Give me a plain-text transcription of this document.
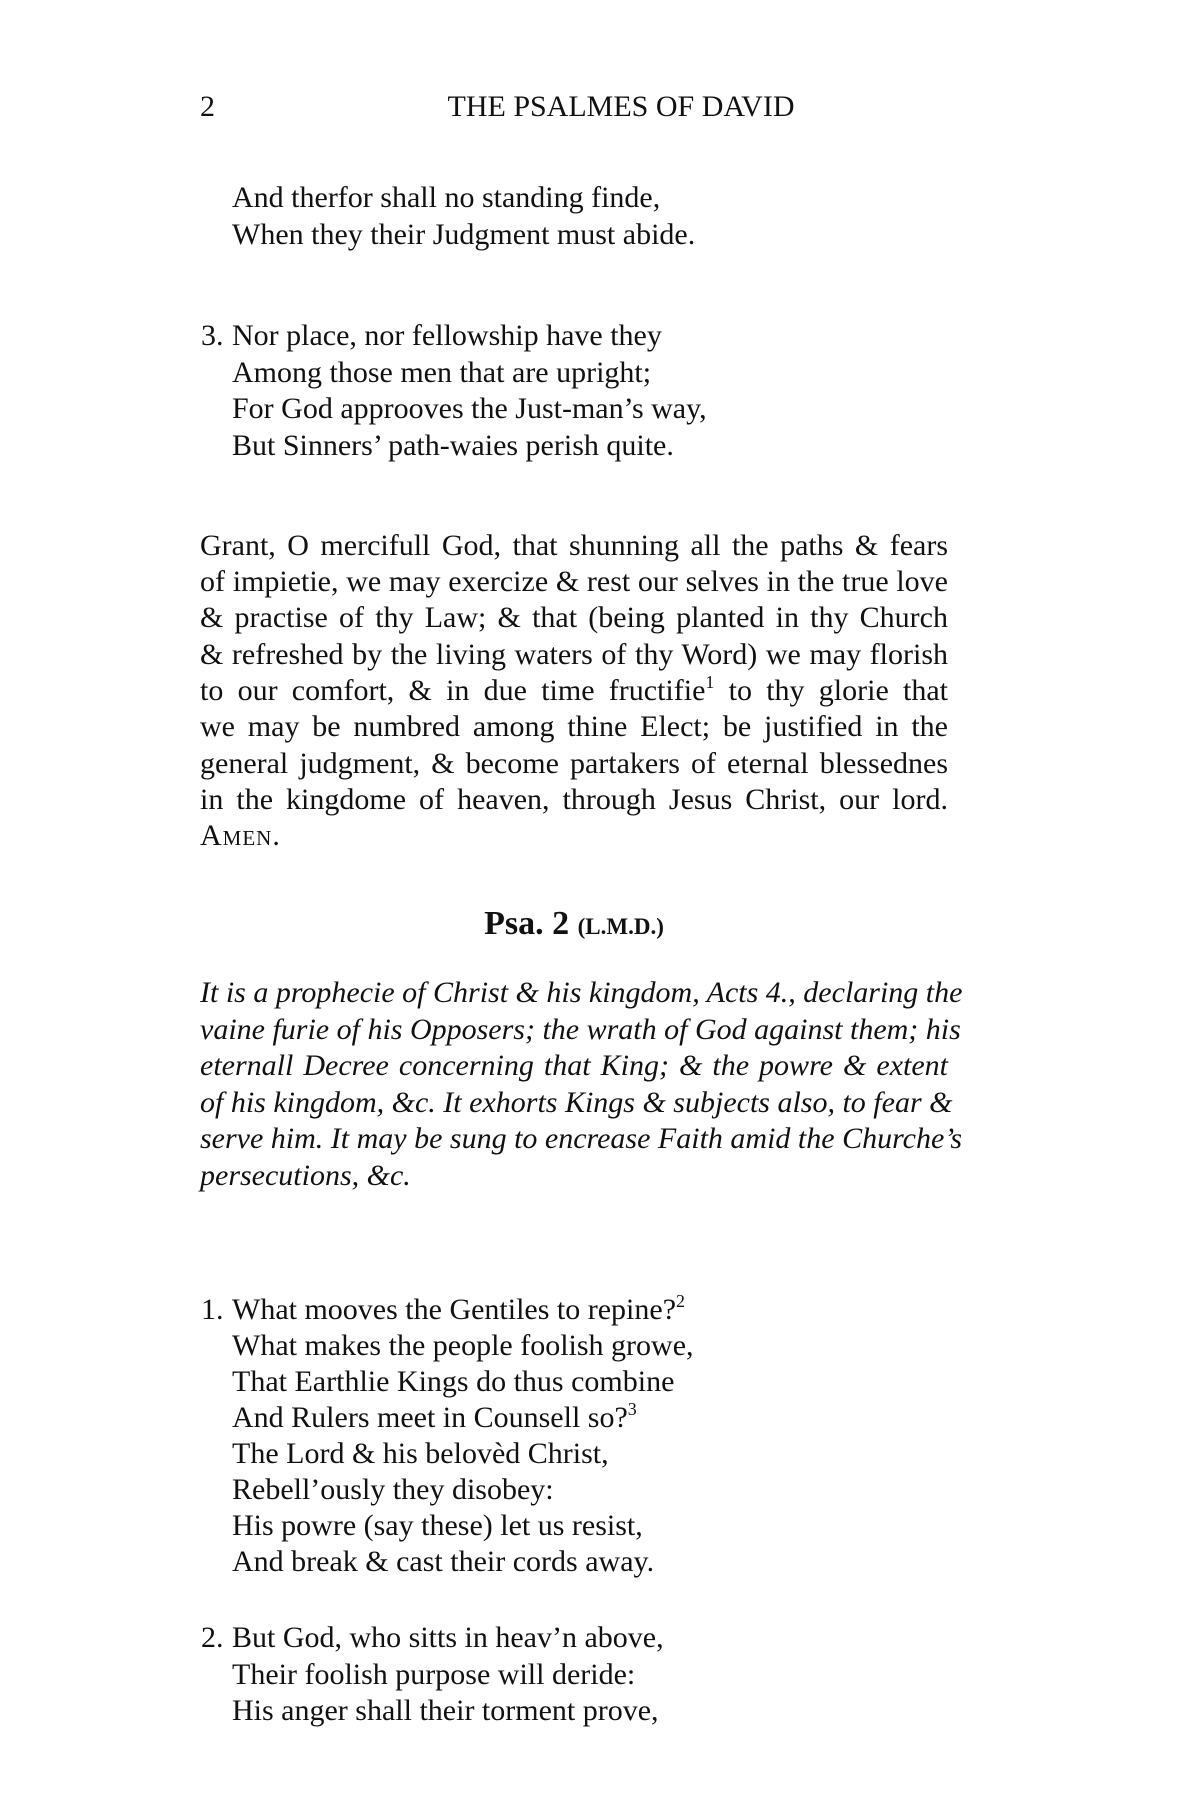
2	THE PSALMES OF DAVID
And therfor shall no standing finde,
When they their Judgment must abide.
3. Nor place, nor fellowship have they
Among those men that are upright;
For God approoves the Just-man’s way,
But Sinners’ path-waies perish quite.
Grant, O mercifull God, that shunning all the paths & fears
of impietie, we may exercize & rest our selves in the true love
& practise of thy Law; & that (being planted in thy Church
& refreshed by the living waters of thy Word) we may florish
to our comfort, & in due time fructifie$^1$ to thy glorie that
we may be numbred among thine Elect; be justified in the
general judgment, & become partakers of eternal blessednes
in the kingdome of heaven, through Jesus Christ, our lord.
Amen.
Psa. 2 (L.M.D.)
It is a prophecie of Christ & his kingdom, Acts 4., declaring the
vaine furie of his Opposers; the wrath of God against them; his
eternall Decree concerning that King; & the powre & extent
of his kingdom, &c. It exhorts Kings & subjects also, to fear &
serve him. It may be sung to encrease Faith amid the Churche’s
persecutions, &c.
1. What mooves the Gentiles to repine?$^2$
What makes the people foolish growe,
That Earthlie Kings do thus combine
And Rulers meet in Counsell so?$^3$
The Lord & his belovèd Christ,
Rebell’ously they disobey:
His powre (say these) let us resist,
And break & cast their cords away.
2. But God, who sitts in heav’n above,
Their foolish purpose will deride:
His anger shall their torment prove,
